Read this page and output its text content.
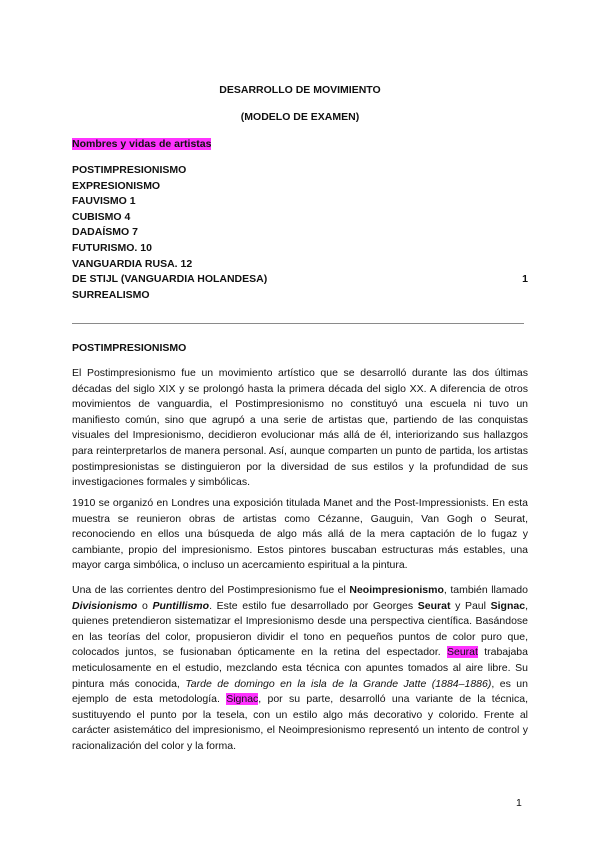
DESARROLLO DE MOVIMIENTO
(MODELO DE EXAMEN)
Nombres y vidas de artistas
POSTIMPRESIONISMO
EXPRESIONISMO
FAUVISMO 1
CUBISMO 4
DADAÍSMO 7
FUTURISMO. 10
VANGUARDIA RUSA. 12
DE STIJL (VANGUARDIA HOLANDESA)	1
SURREALISMO
POSTIMPRESIONISMO

El Postimpresionismo fue un movimiento artístico que se desarrolló durante las dos últimas décadas del siglo XIX y se prolongó hasta la primera década del siglo XX. A diferencia de otros movimientos de vanguardia, el Postimpresionismo no constituyó una escuela ni tuvo un manifiesto común, sino que agrupó a una serie de artistas que, partiendo de las conquistas visuales del Impresionismo, decidieron evolucionar más allá de él, interiorizando sus hallazgos para reinterpretarlos de manera personal. Así, aunque comparten un punto de partida, los artistas postimpresionistas se distinguieron por la diversidad de sus estilos y la profundidad de sus investigaciones formales y simbólicas.

1910 se organizó en Londres una exposición titulada Manet and the Post-Impressionists. En esta muestra se reunieron obras de artistas como Cézanne, Gauguin, Van Gogh o Seurat, reconociendo en ellos una búsqueda de algo más allá de la mera captación de lo fugaz y cambiante, propio del impresionismo. Estos pintores buscaban estructuras más estables, una mayor carga simbólica, o incluso un acercamiento espiritual a la pintura.

Una de las corrientes dentro del Postimpresionismo fue el Neoimpresionismo, también llamado Divisionismo o Puntillismo. Este estilo fue desarrollado por Georges Seurat y Paul Signac, quienes pretendieron sistematizar el Impresionismo desde una perspectiva científica. Basándose en las teorías del color, propusieron dividir el tono en pequeños puntos de color puro que, colocados juntos, se fusionaban ópticamente en la retina del espectador. Seurat trabajaba meticulosamente en el estudio, mezclando esta técnica con apuntes tomados al aire libre. Su pintura más conocida, Tarde de domingo en la isla de la Grande Jatte (1884–1886), es un ejemplo de esta metodología. Signac, por su parte, desarrolló una variante de la técnica, sustituyendo el punto por la tesela, con un estilo algo más decorativo y colorido. Frente al carácter asistemático del impresionismo, el Neoimpresionismo representó un intento de control y racionalización del color y la forma.

1
